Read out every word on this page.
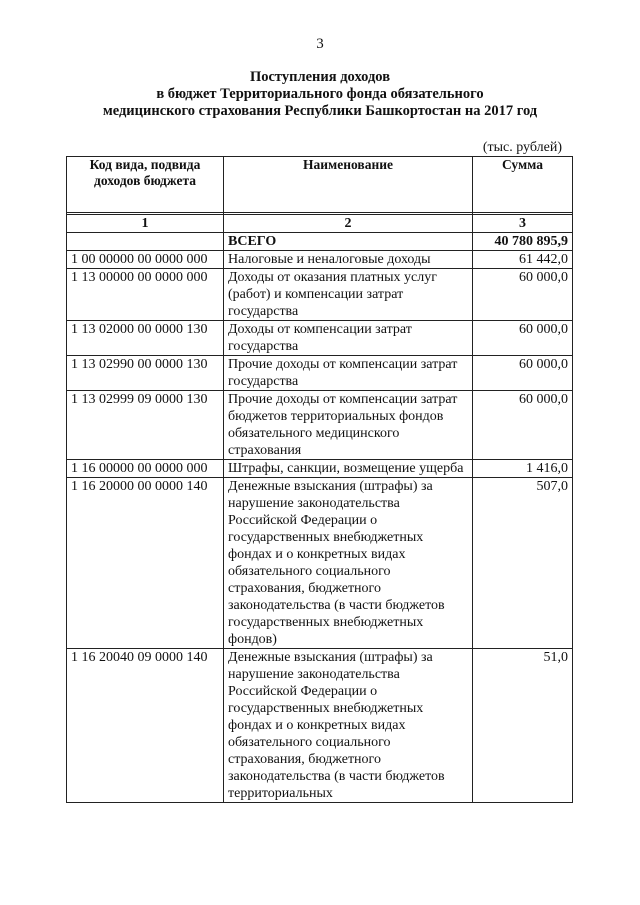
3
Поступления доходов
в бюджет Территориального фонда обязательного
медицинского страхования Республики Башкортостан на 2017 год
(тыс. рублей)
Код вида, подвида доходов бюджета	Наименование	Сумма

1	2	3
	ВСЕГО	40 780 895,9
1 00 00000 00 0000 000	Налоговые и неналоговые доходы	61 442,0
1 13 00000 00 0000 000	Доходы от оказания платных услуг (работ) и компенсации затрат государства	60 000,0
1 13 02000 00 0000 130	Доходы от компенсации затрат государства	60 000,0
1 13 02990 00 0000 130	Прочие доходы от компенсации затрат государства	60 000,0
1 13 02999 09 0000 130	Прочие доходы от компенсации затрат бюджетов территориальных фондов обязательного медицинского страхования	60 000,0
1 16 00000 00 0000 000	Штрафы, санкции, возмещение ущерба	1 416,0
1 16 20000 00 0000 140	Денежные взыскания (штрафы) за нарушение законодательства Российской Федерации о государственных внебюджетных фондах и о конкретных видах обязательного социального страхования, бюджетного законодательства (в части бюджетов государственных внебюджетных фондов)	507,0
1 16 20040 09 0000 140	Денежные взыскания (штрафы) за нарушение законодательства Российской Федерации о государственных внебюджетных фондах и о конкретных видах обязательного социального страхования, бюджетного законодательства (в части бюджетов территориальных	51,0
